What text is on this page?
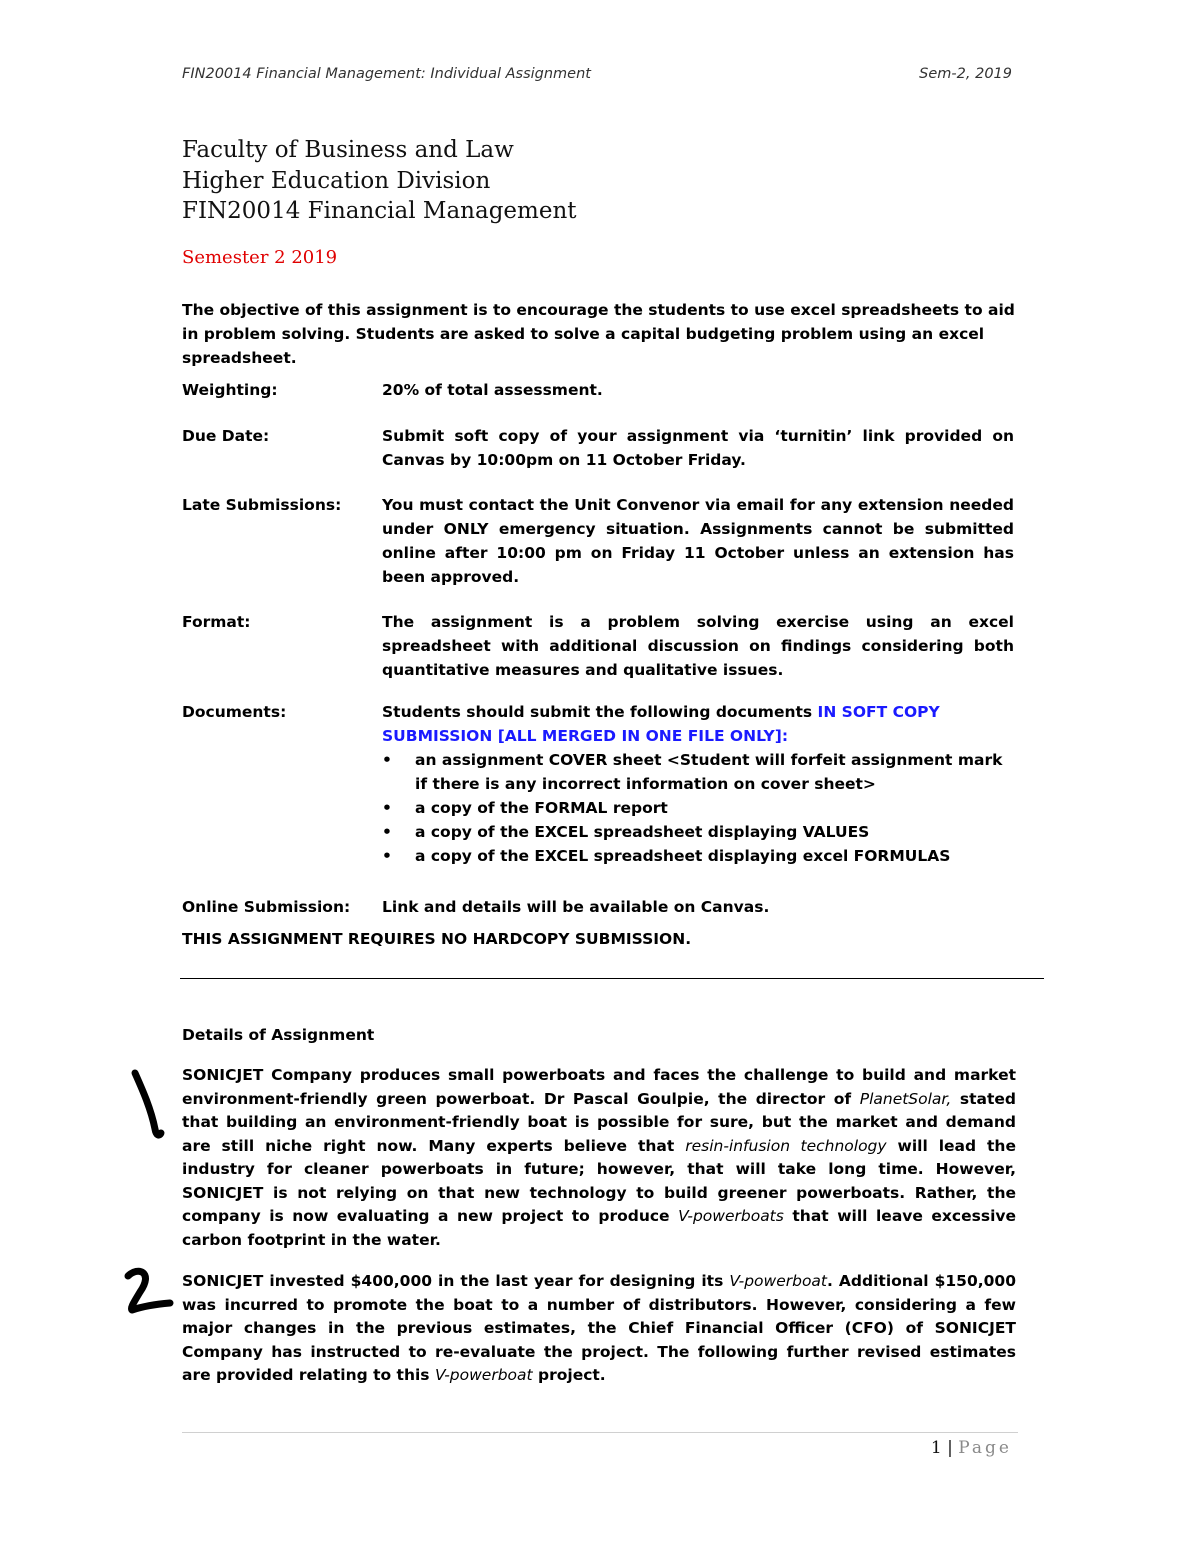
FIN20014 Financial Management: Individual Assignment	Sem-2, 2019
Faculty of Business and Law
Higher Education Division
FIN20014 Financial Management
Semester 2 2019
The objective of this assignment is to encourage the students to use excel spreadsheets to aid in problem solving. Students are asked to solve a capital budgeting problem using an excel spreadsheet.
Weighting:	20% of total assessment.
Due Date:	Submit soft copy of your assignment via ‘turnitin’ link provided on Canvas by 10:00pm on 11 October Friday.
Late Submissions:	You must contact the Unit Convenor via email for any extension needed under ONLY emergency situation. Assignments cannot be submitted online after 10:00 pm on Friday 11 October unless an extension has been approved.
Format:	The assignment is a problem solving exercise using an excel spreadsheet with additional discussion on findings considering both quantitative measures and qualitative issues.
Documents:	Students should submit the following documents IN SOFT COPY SUBMISSION [ALL MERGED IN ONE FILE ONLY]:
• an assignment COVER sheet <Student will forfeit assignment mark if there is any incorrect information on cover sheet>
• a copy of the FORMAL report
• a copy of the EXCEL spreadsheet displaying VALUES
• a copy of the EXCEL spreadsheet displaying excel FORMULAS
Online Submission:	Link and details will be available on Canvas.
THIS ASSIGNMENT REQUIRES NO HARDCOPY SUBMISSION.
Details of Assignment
SONICJET Company produces small powerboats and faces the challenge to build and market environment-friendly green powerboat. Dr Pascal Goulpie, the director of PlanetSolar, stated that building an environment-friendly boat is possible for sure, but the market and demand are still niche right now. Many experts believe that resin-infusion technology will lead the industry for cleaner powerboats in future; however, that will take long time. However, SONICJET is not relying on that new technology to build greener powerboats. Rather, the company is now evaluating a new project to produce V-powerboats that will leave excessive carbon footprint in the water.
SONICJET invested $400,000 in the last year for designing its V-powerboat. Additional $150,000 was incurred to promote the boat to a number of distributors. However, considering a few major changes in the previous estimates, the Chief Financial Officer (CFO) of SONICJET Company has instructed to re-evaluate the project. The following further revised estimates are provided relating to this V-powerboat project.
1 | Page
